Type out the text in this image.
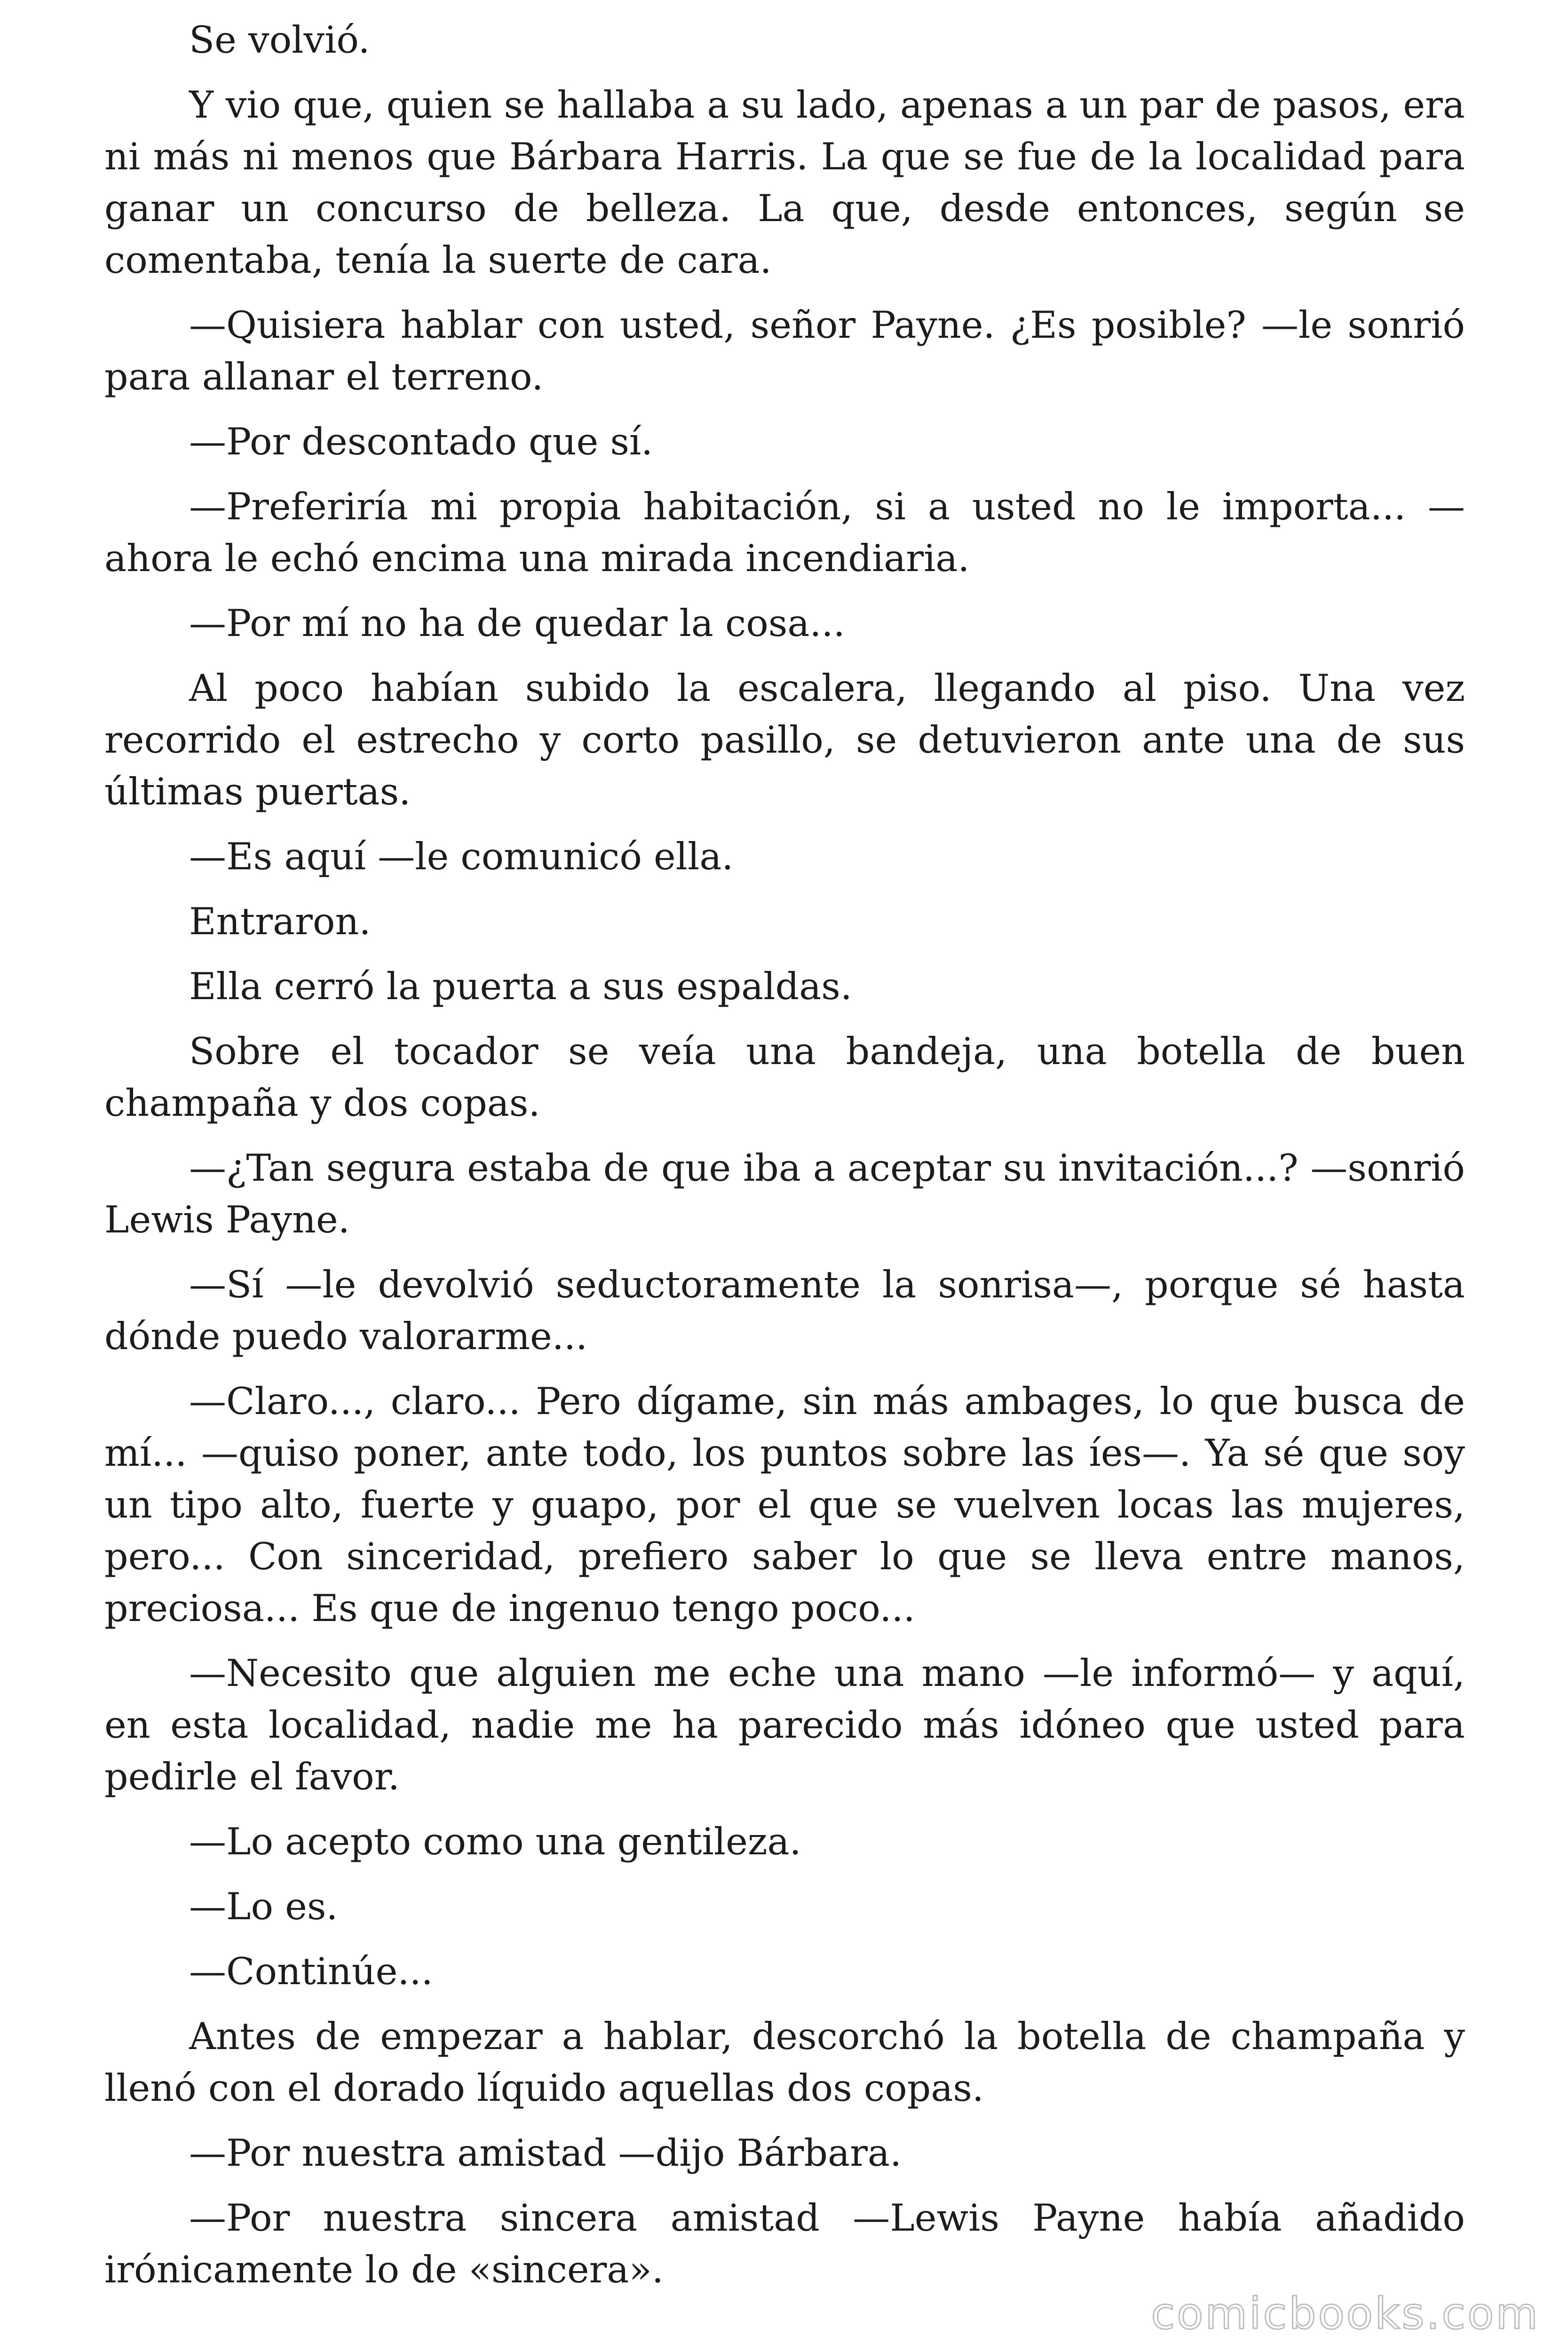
Se volvió.

Y vio que, quien se hallaba a su lado, apenas a un par de pasos, era ni más ni menos que Bárbara Harris. La que se fue de la localidad para ganar un concurso de belleza. La que, desde entonces, según se comentaba, tenía la suerte de cara.

—Quisiera hablar con usted, señor Payne. ¿Es posible? —le sonrió para allanar el terreno.

—Por descontado que sí.

—Preferiría mi propia habitación, si a usted no le importa... —ahora le echó encima una mirada incendiaria.

—Por mí no ha de quedar la cosa...

Al poco habían subido la escalera, llegando al piso. Una vez recorrido el estrecho y corto pasillo, se detuvieron ante una de sus últimas puertas.

—Es aquí —le comunicó ella.

Entraron.

Ella cerró la puerta a sus espaldas.

Sobre el tocador se veía una bandeja, una botella de buen champaña y dos copas.

—¿Tan segura estaba de que iba a aceptar su invitación...? —sonrió Lewis Payne.

—Sí —le devolvió seductoramente la sonrisa—, porque sé hasta dónde puedo valorarme...

—Claro..., claro... Pero dígame, sin más ambages, lo que busca de mí... —quiso poner, ante todo, los puntos sobre las íes—. Ya sé que soy un tipo alto, fuerte y guapo, por el que se vuelven locas las mujeres, pero... Con sinceridad, prefiero saber lo que se lleva entre manos, preciosa... Es que de ingenuo tengo poco...

—Necesito que alguien me eche una mano —le informó— y aquí, en esta localidad, nadie me ha parecido más idóneo que usted para pedirle el favor.

—Lo acepto como una gentileza.

—Lo es.

—Continúe...

Antes de empezar a hablar, descorchó la botella de champaña y llenó con el dorado líquido aquellas dos copas.

—Por nuestra amistad —dijo Bárbara.

—Por nuestra sincera amistad —Lewis Payne había añadido irónicamente lo de «sincera».

comicbooks.com
